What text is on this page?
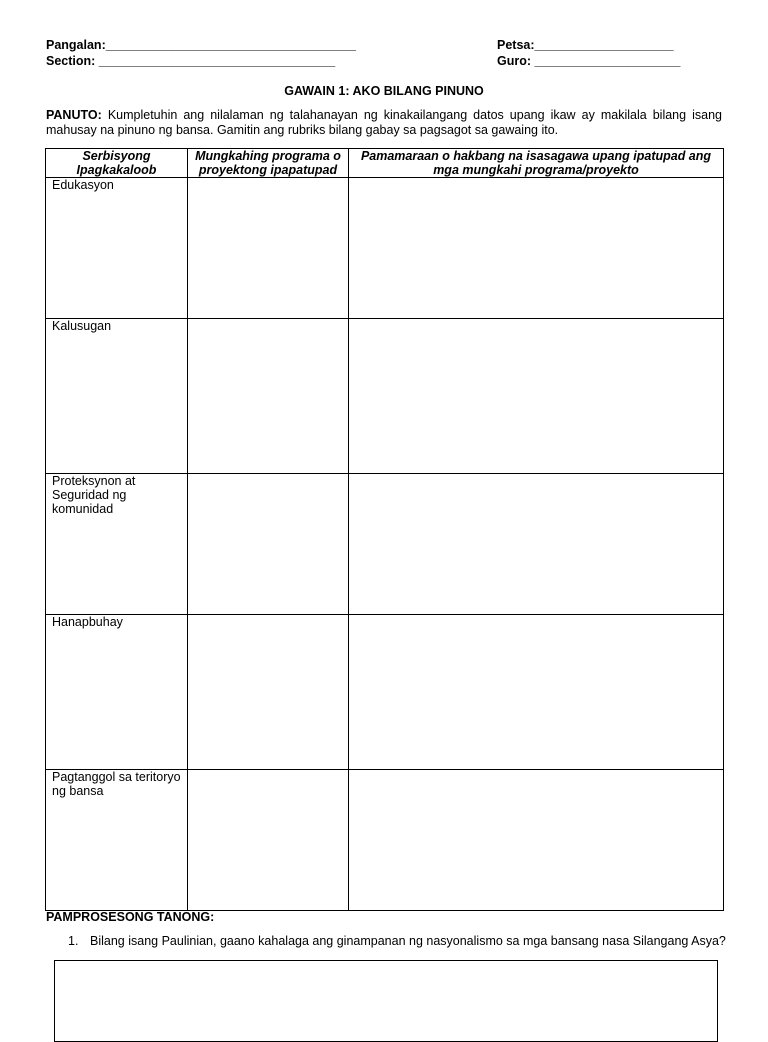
Pangalan:____________________________________
Section: __________________________________
Petsa:____________________
Guro: _____________________
GAWAIN 1: AKO BILANG PINUNO
PANUTO: Kumpletuhin ang nilalaman ng talahanayan ng kinakailangang datos upang ikaw ay makilala bilang isang mahusay na pinuno ng bansa. Gamitin ang rubriks bilang gabay sa pagsagot sa gawaing ito.
Serbisyong Ipagkakaloob	Mungkahing programa o proyektong ipapatupad	Pamamaraan o hakbang na isasagawa upang ipatupad ang mga mungkahi programa/proyekto
Edukasyon		
Kalusugan		
Proteksynon at Seguridad ng komunidad		
Hanapbuhay		
Pagtanggol sa teritoryo ng bansa		
PAMPROSESONG TANONG:
1. Bilang isang Paulinian, gaano kahalaga ang ginampanan ng nasyonalismo sa mga bansang nasa Silangang Asya?
